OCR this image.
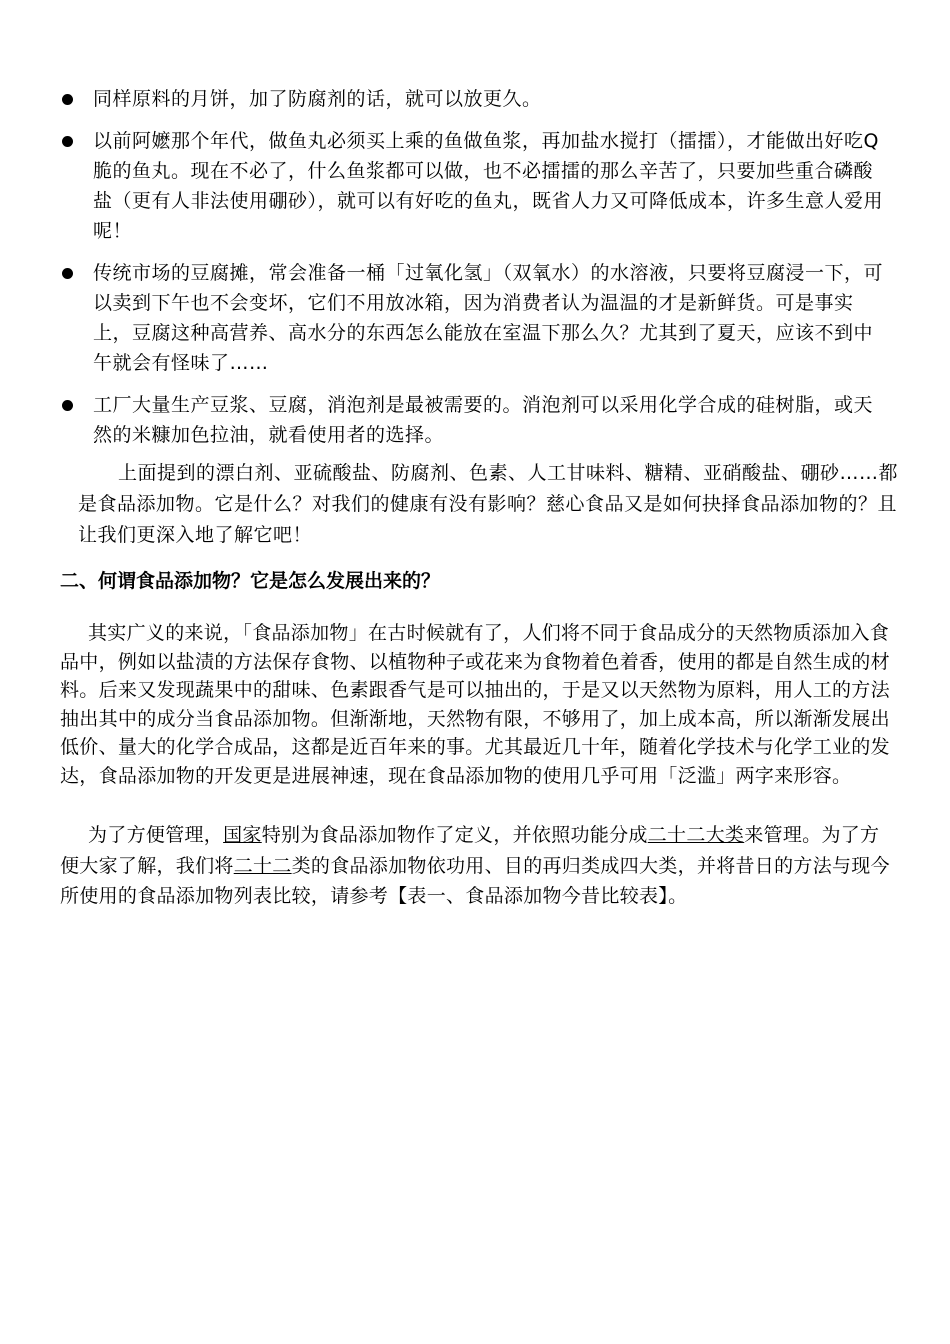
同样原料的月饼，加了防腐剂的话，就可以放更久。
以前阿嬷那个年代，做鱼丸必须买上乘的鱼做鱼浆，再加盐水搅打（擂擂），才能做出好吃Q脆的鱼丸。现在不必了，什么鱼浆都可以做，也不必擂擂的那么辛苦了，只要加些重合磷酸盐（更有人非法使用硼砂），就可以有好吃的鱼丸，既省人力又可降低成本，许多生意人爱用呢！
传统市场的豆腐摊，常会准备一桶「过氧化氢」（双氧水）的水溶液，只要将豆腐浸一下，可以卖到下午也不会变坏，它们不用放冰箱，因为消费者认为温温的才是新鲜货。可是事实上，豆腐这种高营养、高水分的东西怎么能放在室温下那么久？尤其到了夏天，应该不到中午就会有怪味了……
工厂大量生产豆浆、豆腐，消泡剂是最被需要的。消泡剂可以采用化学合成的硅树脂，或天然的米糠加色拉油，就看使用者的选择。

上面提到的漂白剂、亚硫酸盐、防腐剂、色素、人工甘味料、糖精、亚硝酸盐、硼砂……都是食品添加物。它是什么？对我们的健康有没有影响？慈心食品又是如何抉择食品添加物的？且让我们更深入地了解它吧！

二、何谓食品添加物？它是怎么发展出来的？

其实广义的来说，「食品添加物」在古时候就有了，人们将不同于食品成分的天然物质添加入食品中，例如以盐渍的方法保存食物、以植物种子或花来为食物着色着香，使用的都是自然生成的材料。后来又发现蔬果中的甜味、色素跟香气是可以抽出的，于是又以天然物为原料，用人工的方法抽出其中的成分当食品添加物。但渐渐地，天然物有限，不够用了，加上成本高，所以渐渐发展出低价、量大的化学合成品，这都是近百年来的事。尤其最近几十年，随着化学技术与化学工业的发达，食品添加物的开发更是进展神速，现在食品添加物的使用几乎可用「泛滥」两字来形容。

为了方便管理，国家特别为食品添加物作了定义，并依照功能分成二十二大类来管理。为了方便大家了解，我们将二十二类的食品添加物依功用、目的再归类成四大类，并将昔日的方法与现今所使用的食品添加物列表比较，请参考【表一、食品添加物今昔比较表】。
